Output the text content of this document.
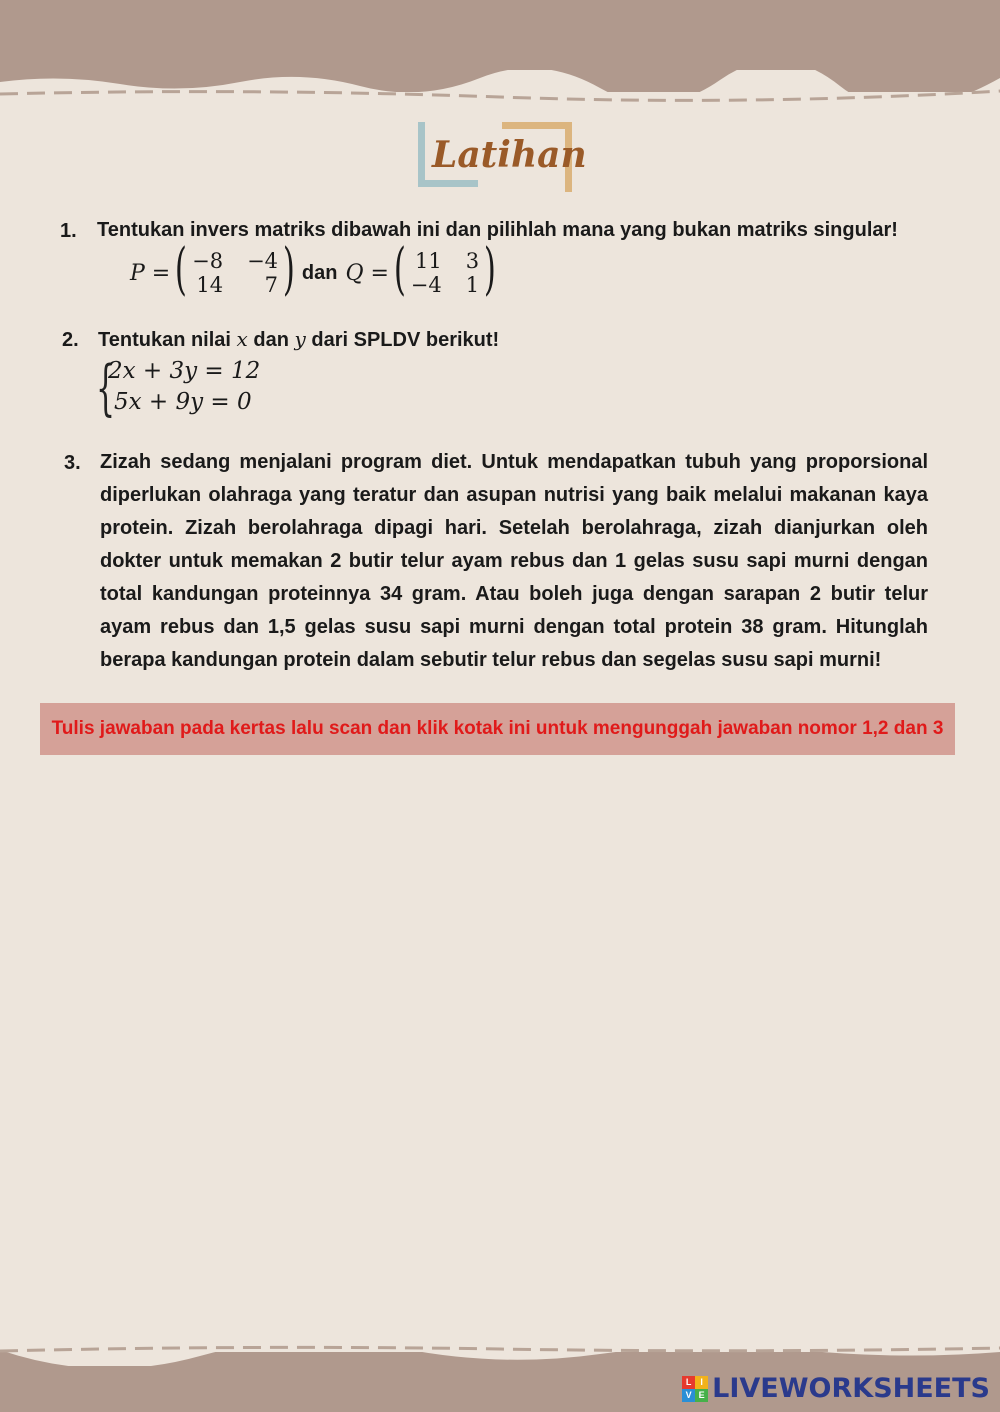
Latihan
1. Tentukan invers matriks dibawah ini dan pilihlah mana yang bukan matriks singular!
P = ( −8 −4
14	7 ) dan Q = ( 11 3
−4 1 )
2. Tentukan nilai x dan y dari SPLDV berikut!
{
2x + 3y = 12
5x + 9y = 0
3. Zizah sedang menjalani program diet. Untuk mendapatkan tubuh yang proporsional diperlukan olahraga yang teratur dan asupan nutrisi yang baik melalui makanan kaya protein. Zizah berolahraga dipagi hari. Setelah berolahraga, zizah dianjurkan oleh dokter untuk memakan 2 butir telur ayam rebus dan 1 gelas susu sapi murni dengan total kandungan proteinnya 34 gram. Atau boleh juga dengan sarapan 2 butir telur ayam rebus dan 1,5 gelas susu sapi murni dengan total protein 38 gram. Hitunglah berapa kandungan protein dalam sebutir telur rebus dan segelas susu sapi murni!
Tulis jawaban pada kertas lalu scan dan klik kotak ini untuk mengunggah jawaban nomor 1,2 dan 3
L I
V E LIVEWORKSHEETS
